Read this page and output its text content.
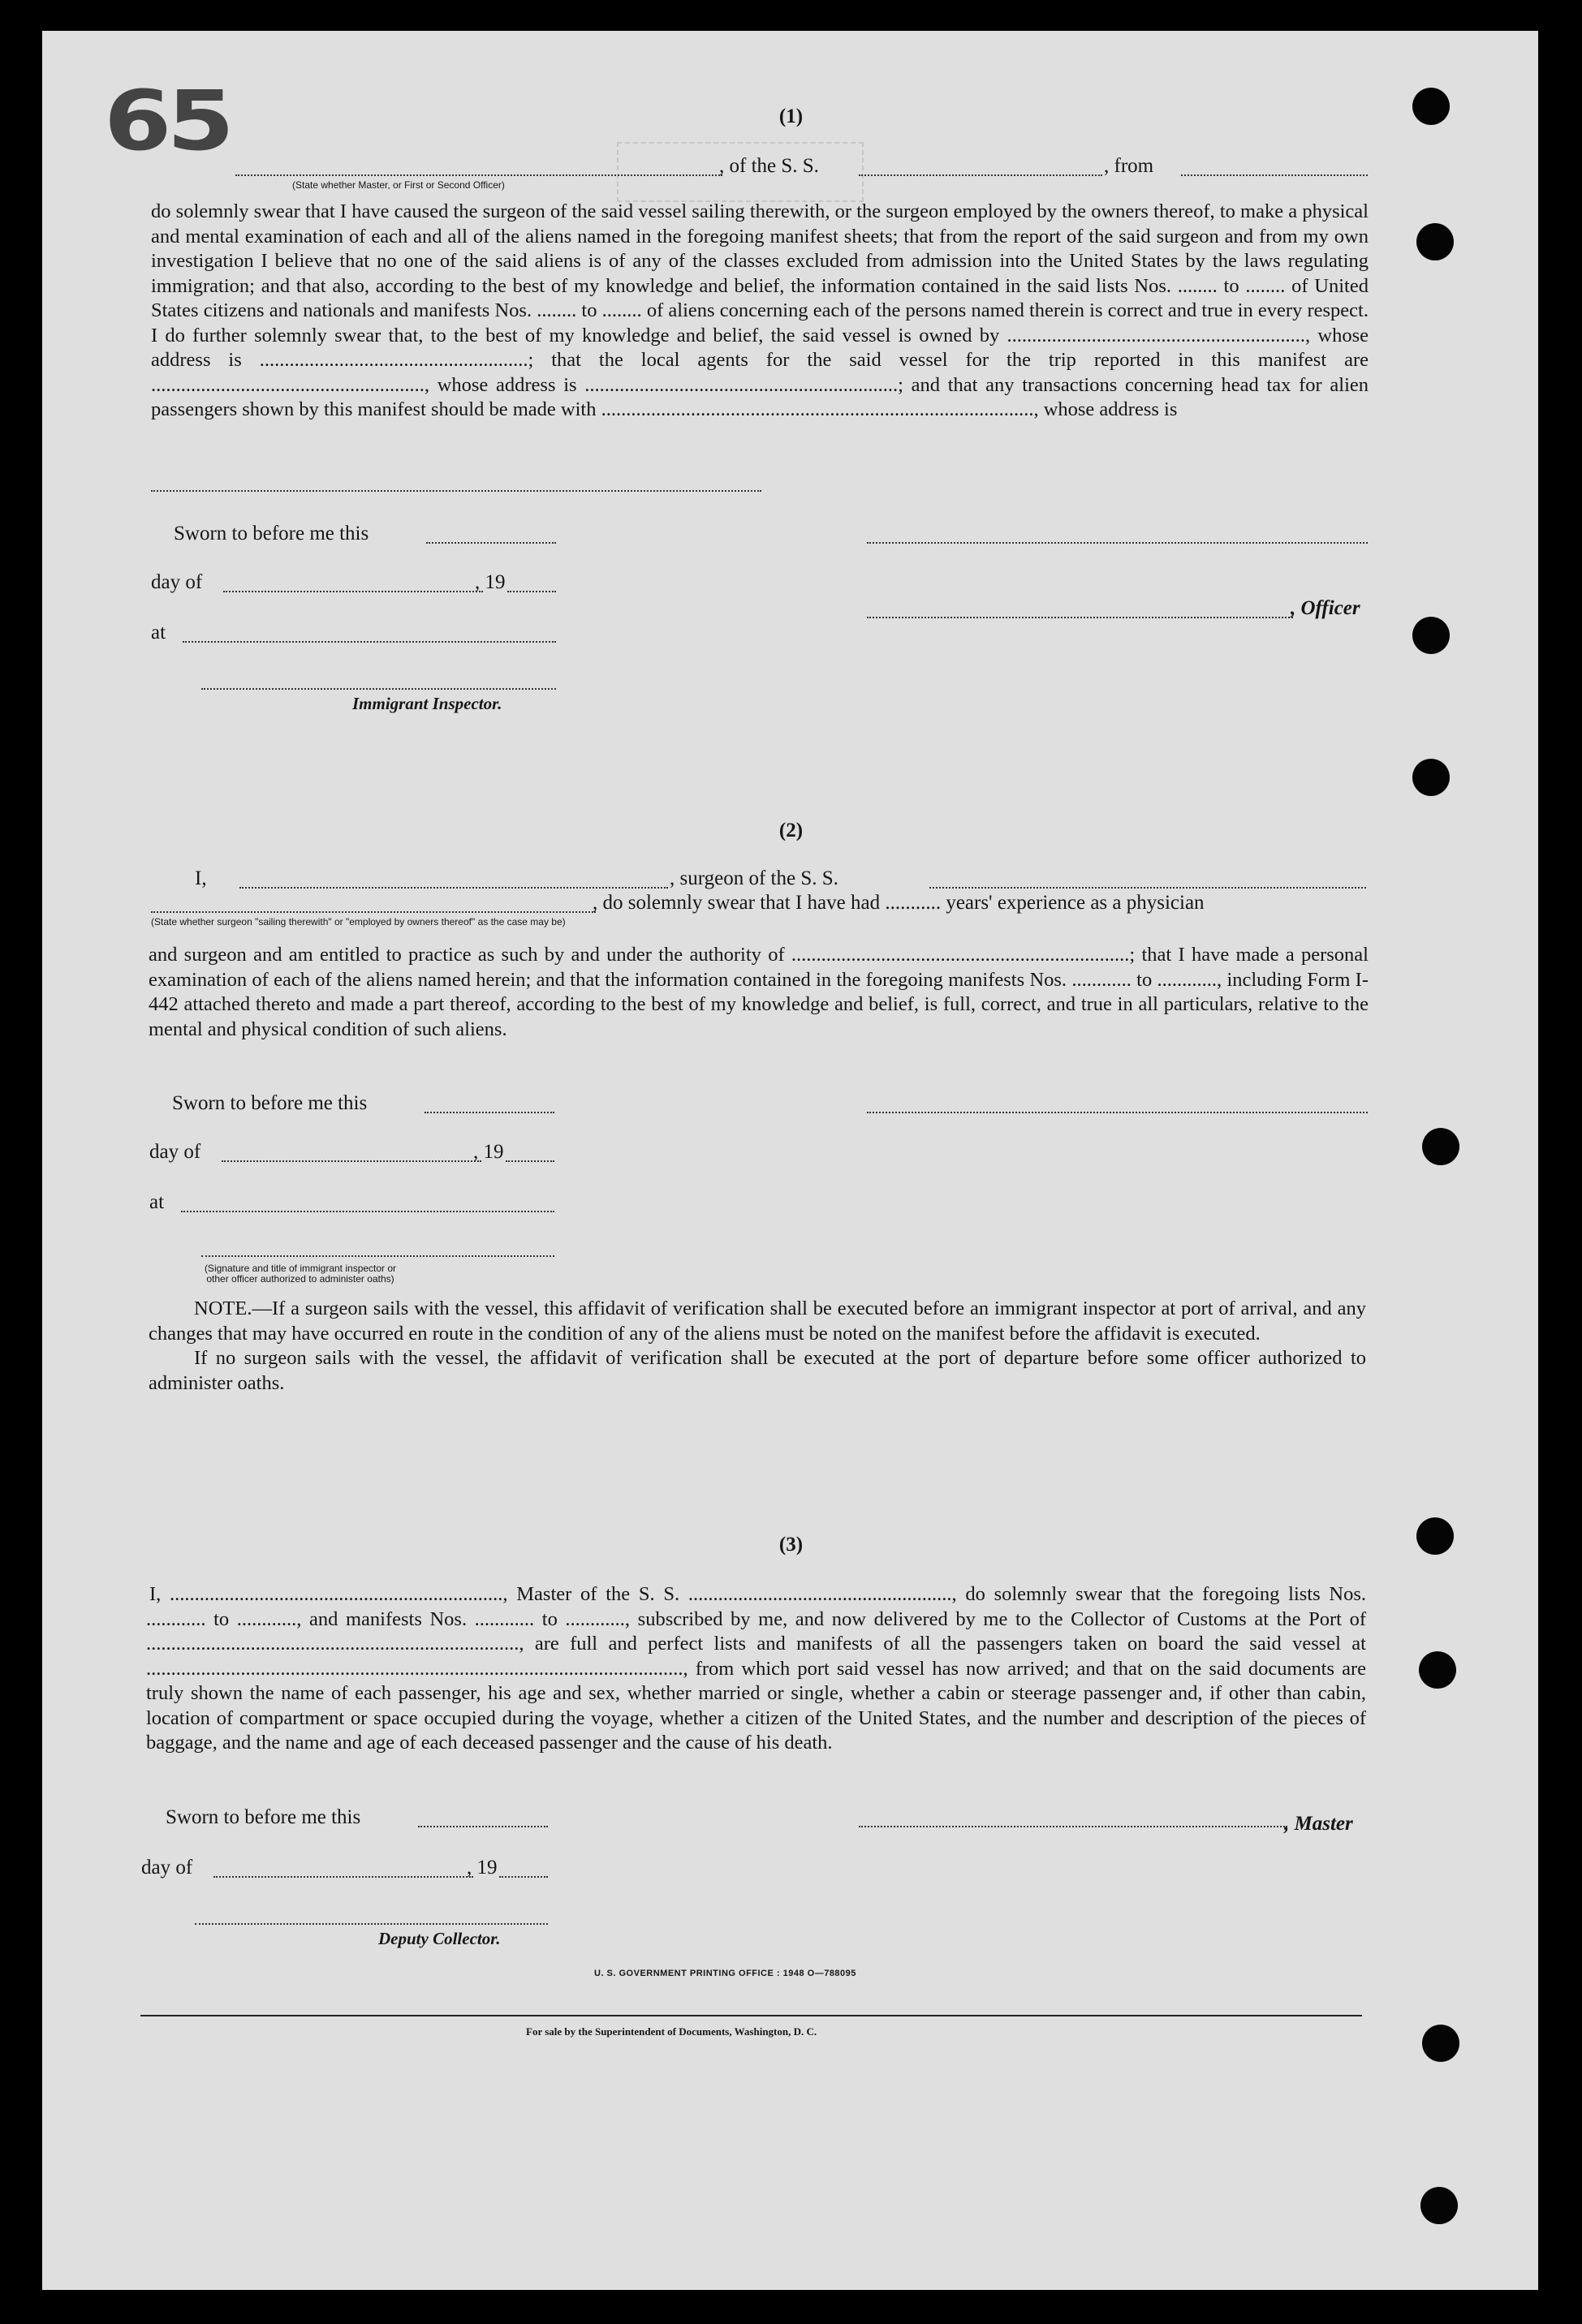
65	(1)
, of the S. S.	, from
(State whether Master, or First or Second Officer)

do solemnly swear that I have caused the surgeon of the said vessel sailing therewith, or the surgeon employed by the owners thereof, to make a physical and mental examination of each and all of the aliens named in the foregoing manifest sheets; that from the report of the said surgeon and from my own investigation I believe that no one of the said aliens is of any of the classes excluded from admission into the United States by the laws regulating immigration; and that also, according to the best of my knowledge and belief, the information contained in the said lists Nos. ........ to ........ of United States citizens and nationals and manifests Nos. ........ to ........ of aliens concerning each of the persons named therein is correct and true in every respect. I do further solemnly swear that, to the best of my knowledge and belief, the said vessel is owned by ............................................................, whose address is ......................................................; that the local agents for the said vessel for the trip reported in this manifest are ......................................................., whose address is ...............................................................; and that any transactions concerning head tax for alien passengers shown by this manifest should be made with ......................................................................................., whose address is

Sworn to before me this
day of	, 19
, Officer
at
Immigrant Inspector.
(2)
I,	, surgeon of the S. S.
, do solemnly swear that I have had ........... years' experience as a physician
(State whether surgeon "sailing therewith" or "employed by owners thereof" as the case may be)

and surgeon and am entitled to practice as such by and under the authority of ....................................................................; that I have made a personal examination of each of the aliens named herein; and that the information contained in the foregoing manifests Nos. ............ to ............, including Form I-442 attached thereto and made a part thereof, according to the best of my knowledge and belief, is full, correct, and true in all particulars, relative to the mental and physical condition of such aliens.

Sworn to before me this
day of	, 19
at
(Signature and title of immigrant inspector or other officer authorized to administer oaths)

NOTE.—If a surgeon sails with the vessel, this affidavit of verification shall be executed before an immigrant inspector at port of arrival, and any changes that may have occurred en route in the condition of any of the aliens must be noted on the manifest before the affidavit is executed.

If no surgeon sails with the vessel, the affidavit of verification shall be executed at the port of departure before some officer authorized to administer oaths.

(3)

I, ..................................................................., Master of the S. S. ....................................................., do solemnly swear that the foregoing lists Nos. ............ to ............, and manifests Nos. ............ to ............, subscribed by me, and now delivered by me to the Collector of Customs at the Port of ..........................................................................., are full and perfect lists and manifests of all the passengers taken on board the said vessel at ............................................................................................................, from which port said vessel has now arrived; and that on the said documents are truly shown the name of each passenger, his age and sex, whether married or single, whether a cabin or steerage passenger and, if other than cabin, location of compartment or space occupied during the voyage, whether a citizen of the United States, and the number and description of the pieces of baggage, and the name and age of each deceased passenger and the cause of his death.

Sworn to before me this	, Master
day of	, 19
Deputy Collector.
U. S. GOVERNMENT PRINTING OFFICE : 1948 O—788095
For sale by the Superintendent of Documents, Washington, D. C.
